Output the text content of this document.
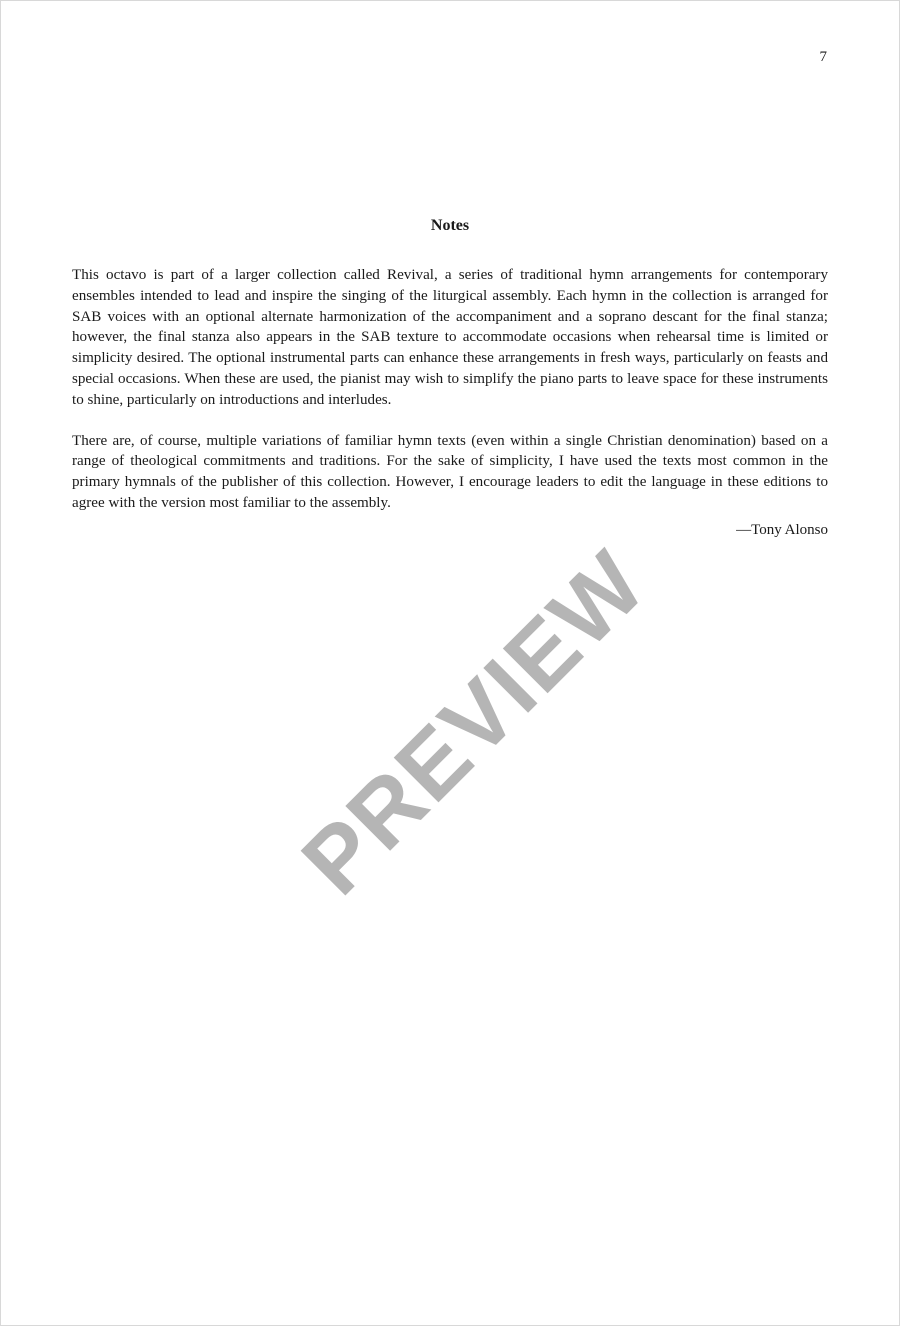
7
Notes

This octavo is part of a larger collection called Revival, a series of traditional hymn arrangements for contemporary ensembles intended to lead and inspire the singing of the liturgical assembly. Each hymn in the collection is arranged for SAB voices with an optional alternate harmonization of the accompaniment and a soprano descant for the final stanza; however, the final stanza also appears in the SAB texture to accommodate occasions when rehearsal time is limited or simplicity desired. The optional instrumental parts can enhance these arrangements in fresh ways, particularly on feasts and special occasions. When these are used, the pianist may wish to simplify the piano parts to leave space for these instruments to shine, particularly on introductions and interludes.

There are, of course, multiple variations of familiar hymn texts (even within a single Christian denomination) based on a range of theological commitments and traditions. For the sake of simplicity, I have used the texts most common in the primary hymnals of the publisher of this collection. However, I encourage leaders to edit the language in these editions to agree with the version most familiar to the assembly.

—Tony Alonso
PREVIEW
